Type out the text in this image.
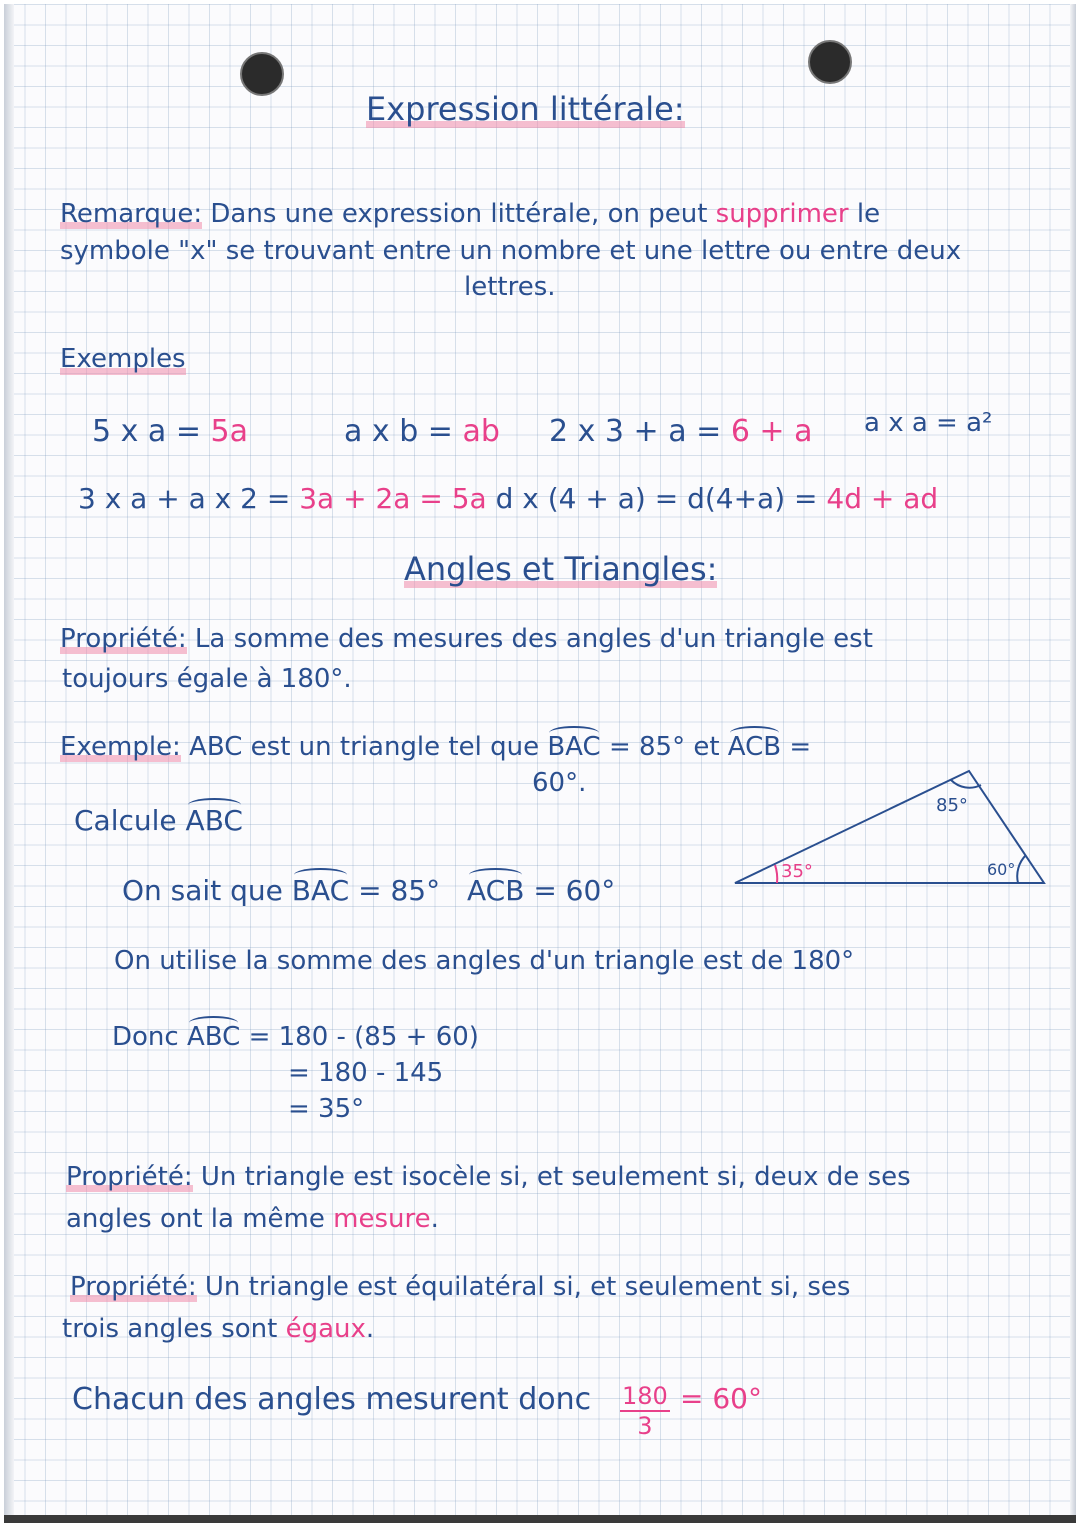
Expression littérale:
Remarque: Dans une expression littérale, on peut supprimer le
symbole "x" se trouvant entre un nombre et une lettre ou entre deux
lettres.
Exemples
5 x a = 5a	a x b = ab 2 x 3 + a = 6 + a a x a = a²
3 x a + a x 2 = 3a + 2a = 5a d x (4 + a) = d(4+a) = 4d + ad
Angles et Triangles:
Propriété: La somme des mesures des angles d'un triangle est
toujours égale à 180°.
Exemple: ABC est un triangle tel que BAC = 85° et ACB =
60°.
Calcule ABC	85°
35°	60°
On sait que BAC = 85° ACB = 60°
On utilise la somme des angles d'un triangle est de 180°
Donc ABC = 180 - (85 + 60)
= 180 - 145
= 35°
Propriété: Un triangle est isocèle si, et seulement si, deux de ses
angles ont la même mesure.
Propriété: Un triangle est équilatéral si, et seulement si, ses
trois angles sont égaux.
Chacun des angles mesurent donc $\frac{180}{3} = 60^\circ$
